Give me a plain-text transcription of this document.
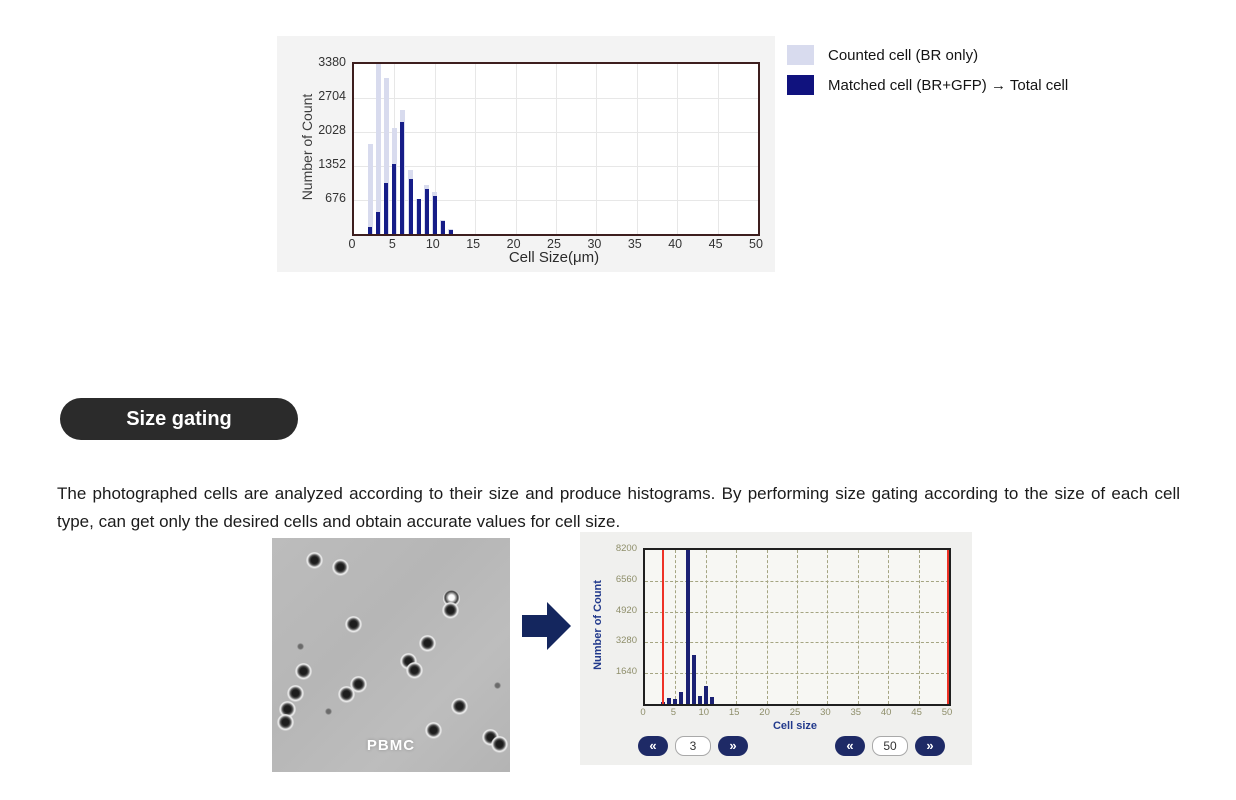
Number of Count
3380
2704
2028
1352
676
0	5	10	15	20	25	30	35	40	45	50
Cell Size(μm)
Counted cell (BR only)
Matched cell (BR+GFP) → Total cell
Size gating

The photographed cells are analyzed according to their size and produce histograms. By performing size gating according to the size of each cell type, can get only the desired cells and obtain accurate values for cell size.

PBMC
Number of Count
8200
6560
4920
3280
1640
0	5	10	15	20	25	30	35	40	45	50
Cell size
«
3	»	«
50	»
